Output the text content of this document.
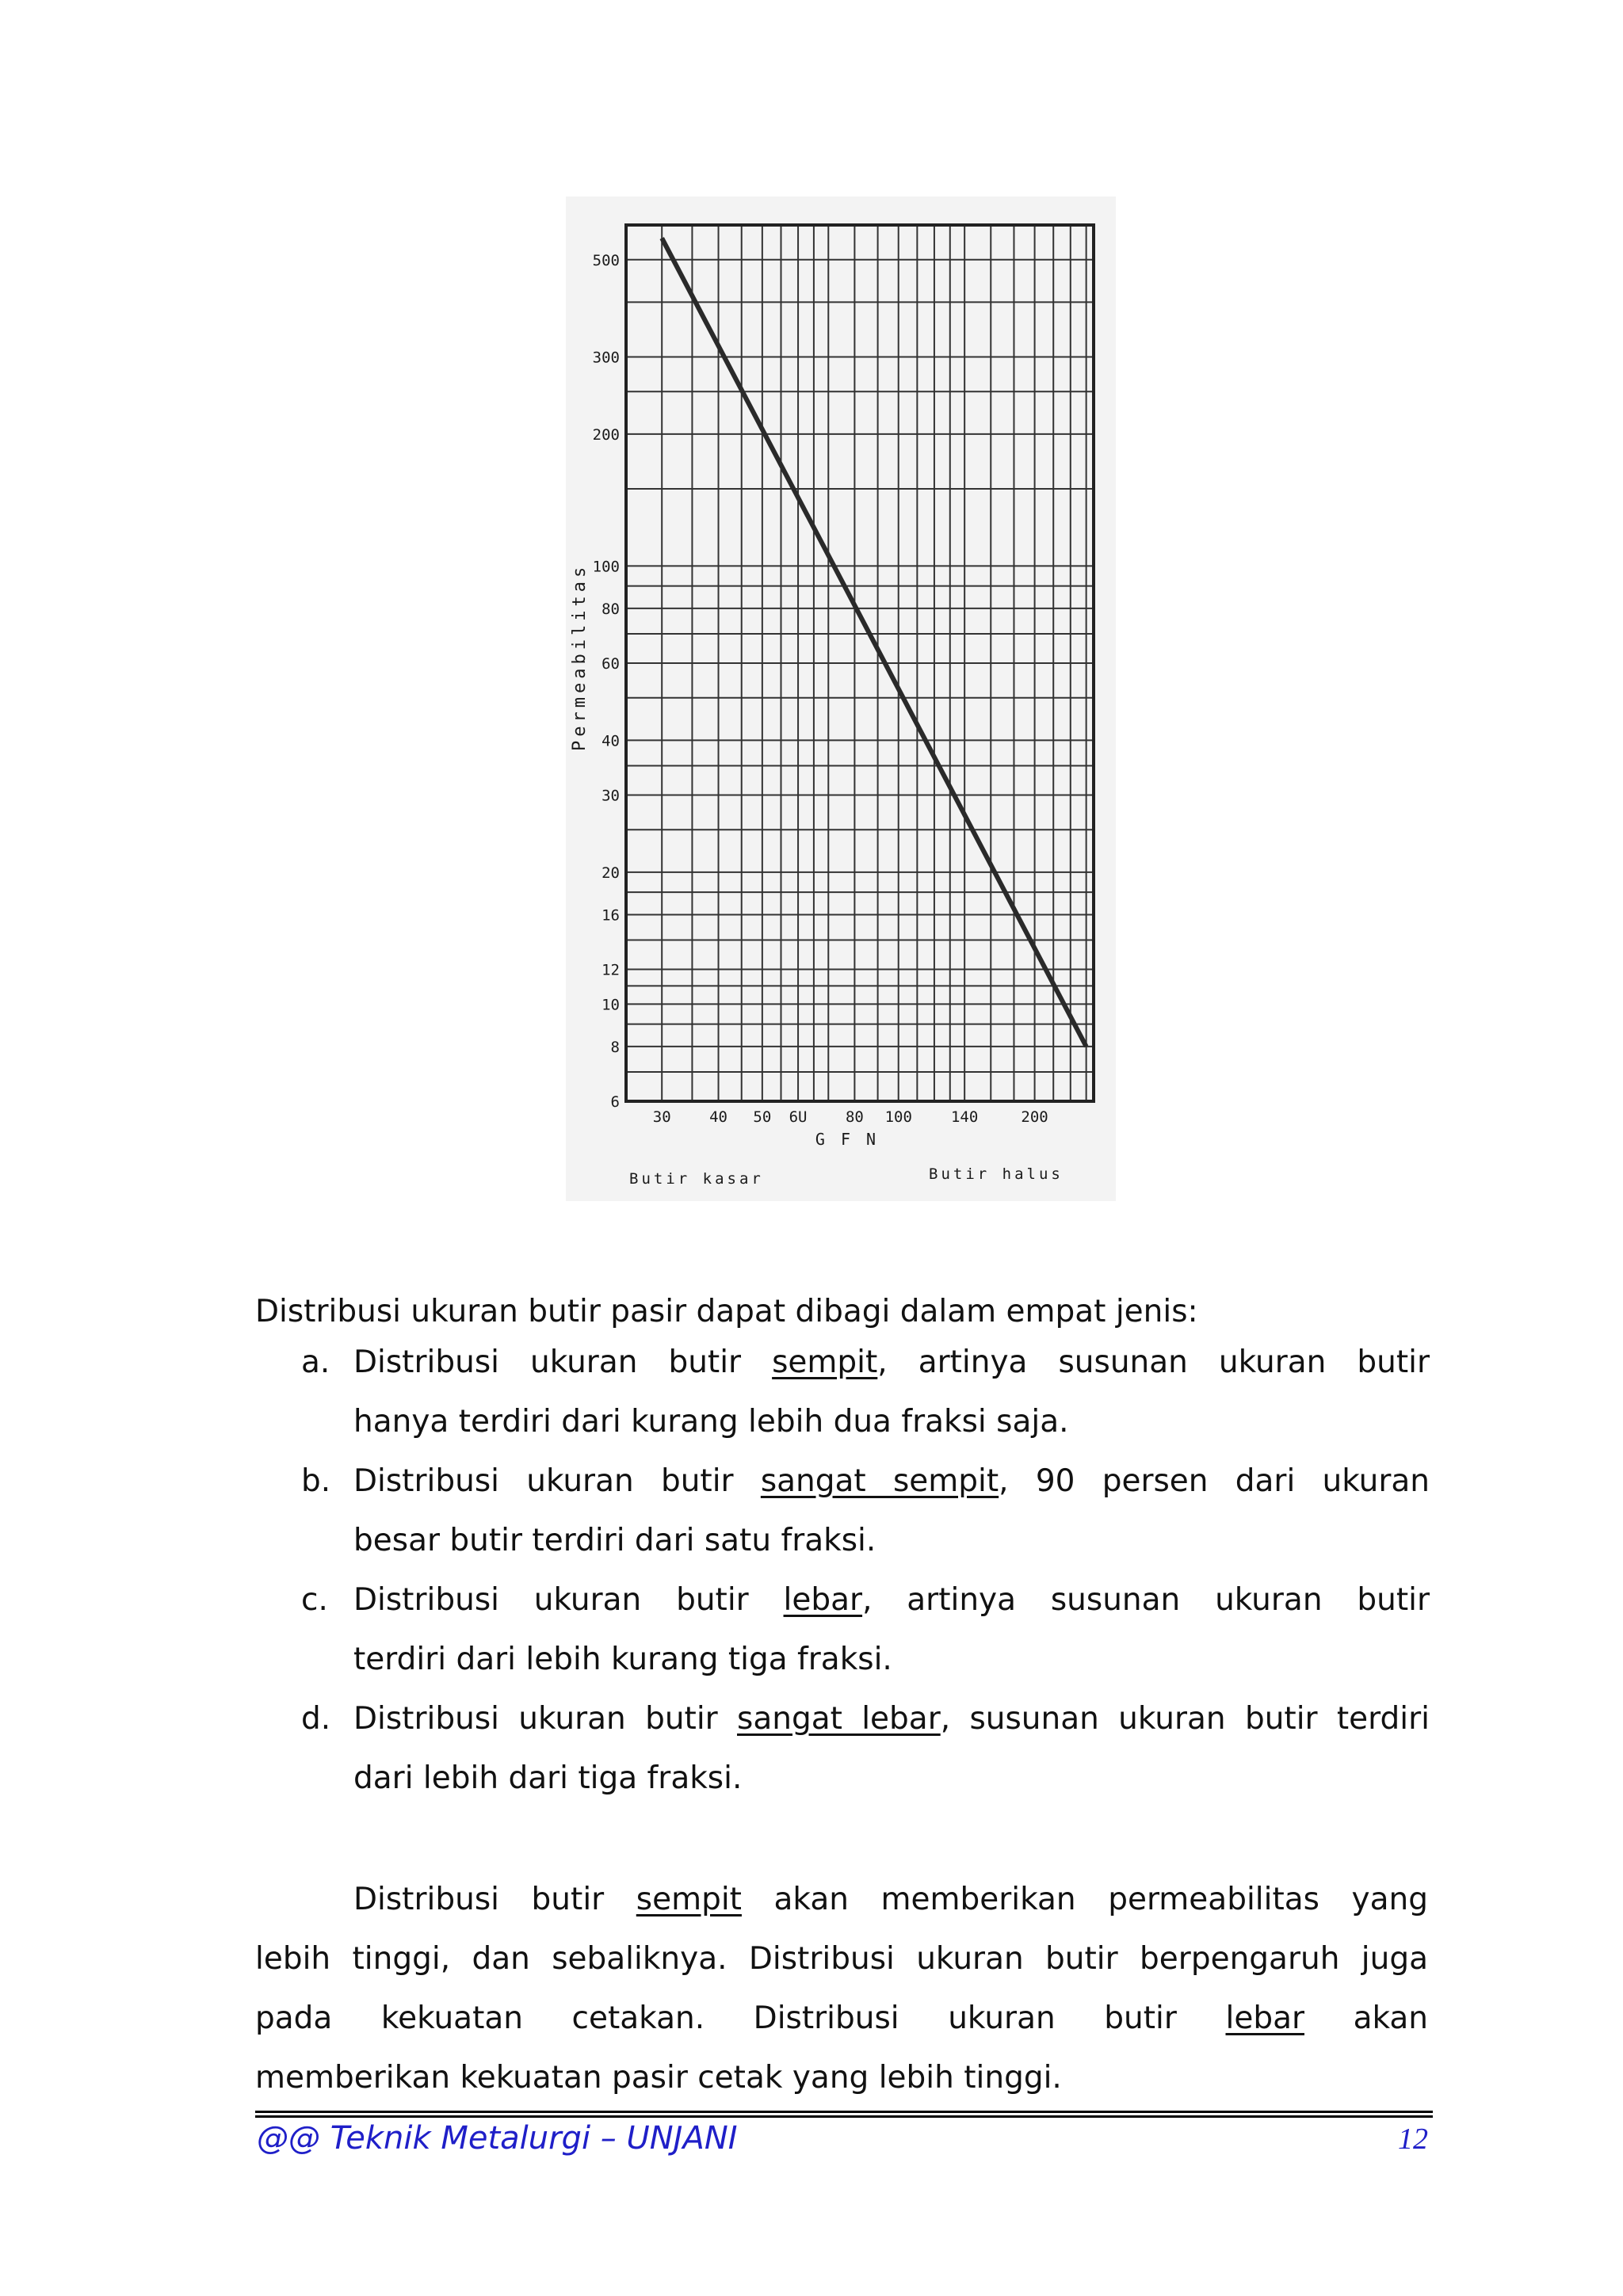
500
300
200
100
80
60
40
30
20
16
12
10
8
6
30	40 50 6U	80 100	140	200
Permeabilitas
G F N
Butir kasar	Butir halus
Distribusi ukuran butir pasir dapat dibagi dalam empat jenis:
a. Distribusi ukuran butir sempit, artinya susunan ukuran butir
hanya terdiri dari kurang lebih dua fraksi saja.
b. Distribusi ukuran butir sangat sempit, 90 persen dari ukuran
besar butir terdiri dari satu fraksi.
c. Distribusi ukuran butir lebar, artinya susunan ukuran butir
terdiri dari lebih kurang tiga fraksi.
d. Distribusi ukuran butir sangat lebar, susunan ukuran butir terdiri
dari lebih dari tiga fraksi.
Distribusi butir sempit akan memberikan permeabilitas yang
lebih tinggi, dan sebaliknya. Distribusi ukuran butir berpengaruh juga
pada kekuatan cetakan. Distribusi ukuran butir lebar akan
memberikan kekuatan pasir cetak yang lebih tinggi.
@@ Teknik Metalurgi – UNJANI	12
